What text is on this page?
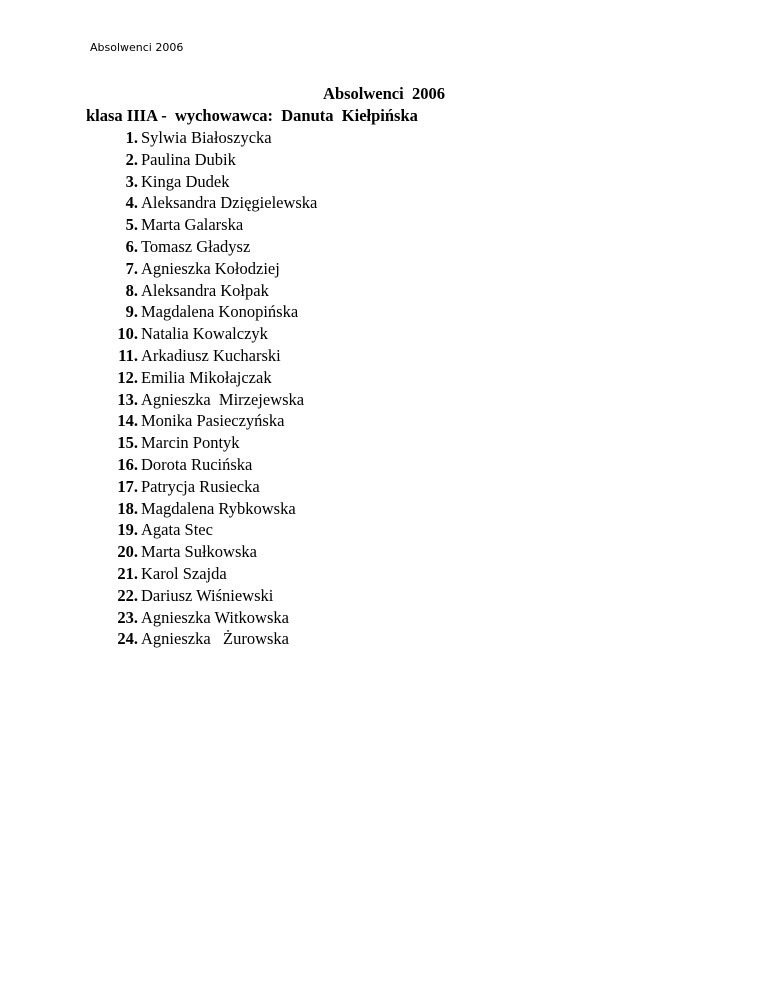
Absolwenci 2006
Absolwenci  2006
klasa IIIA -  wychowawca:  Danuta  Kiełpińska
1. Sylwia Białoszycka
2. Paulina Dubik
3. Kinga Dudek
4. Aleksandra Dzięgielewska
5. Marta Galarska
6. Tomasz Gładysz
7. Agnieszka Kołodziej
8. Aleksandra Kołpak
9. Magdalena Konopińska
10. Natalia Kowalczyk
11. Arkadiusz Kucharski
12. Emilia Mikołajczak
13. Agnieszka  Mirzejewska
14. Monika Pasieczyńska
15. Marcin Pontyk
16. Dorota Rucińska
17. Patrycja Rusiecka
18. Magdalena Rybkowska
19. Agata Stec
20. Marta Sułkowska
21. Karol Szajda
22. Dariusz Wiśniewski
23. Agnieszka Witkowska
24. Agnieszka   Żurowska
